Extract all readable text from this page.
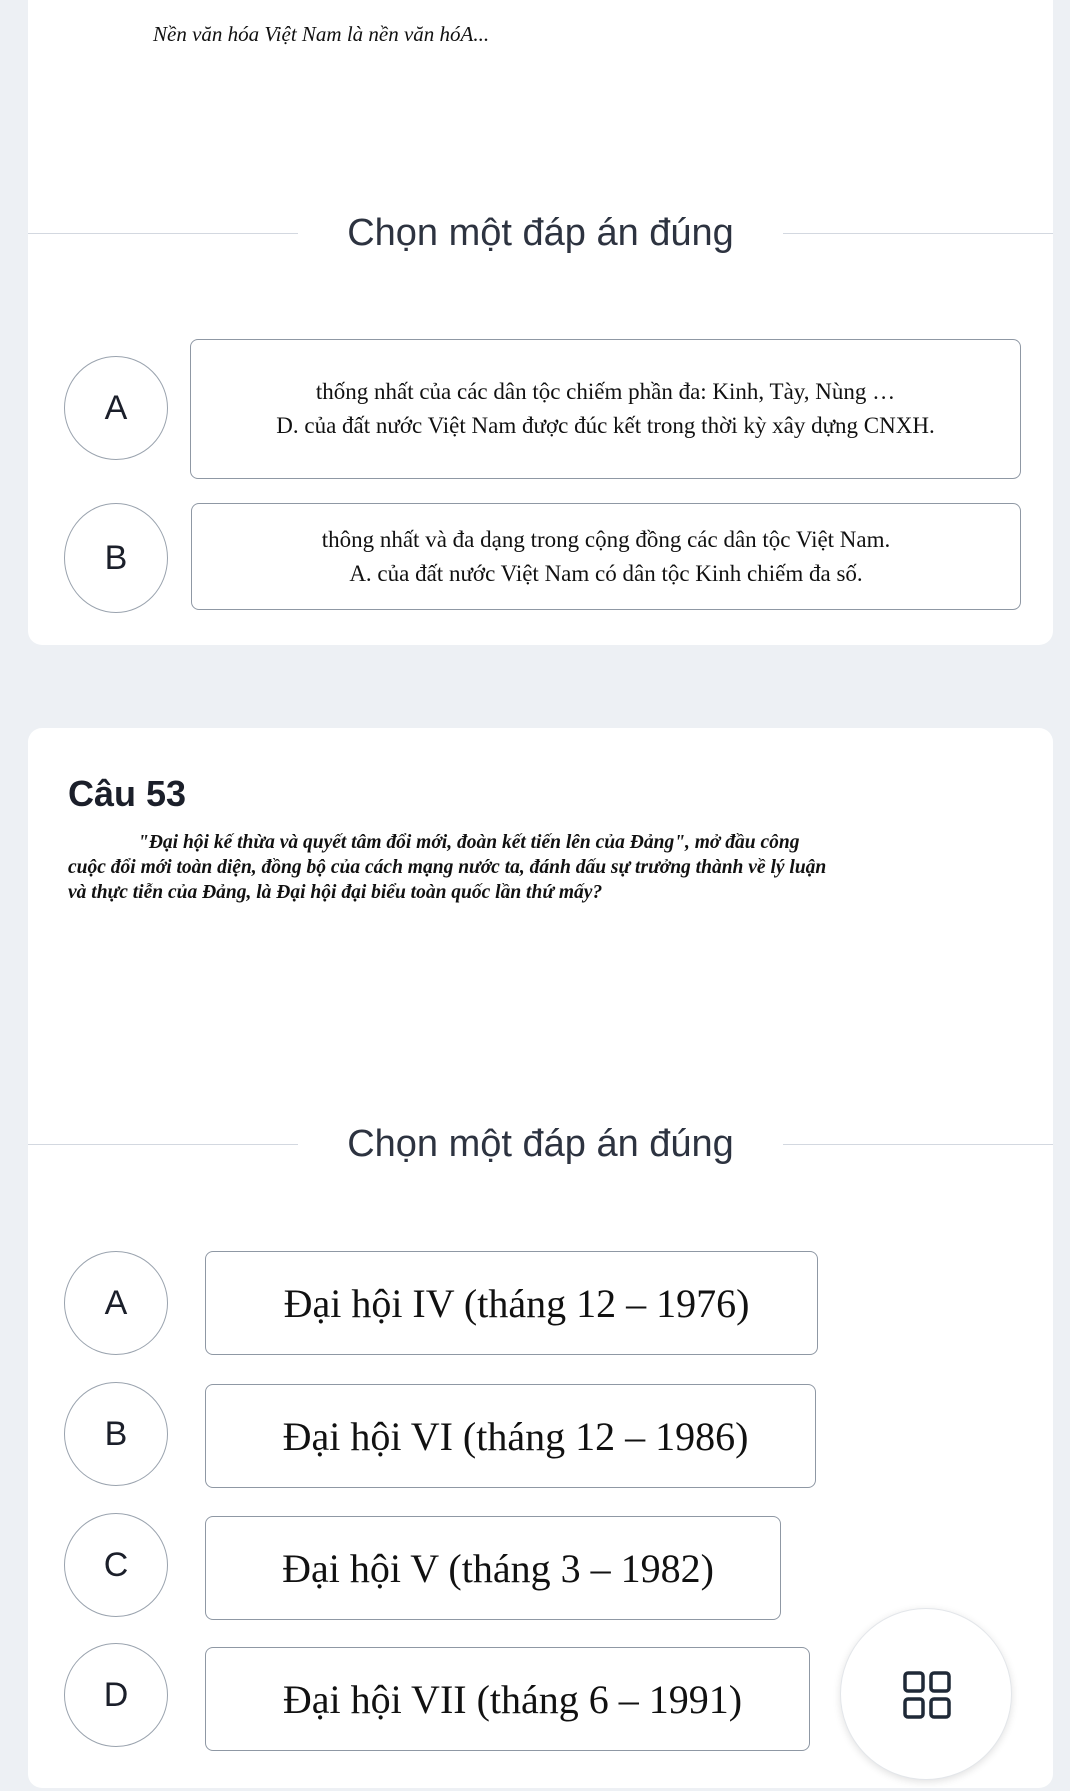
Nền văn hóa Việt Nam là nền văn hóA...
Chọn một đáp án đúng
A	thống nhất của các dân tộc chiếm phần đa: Kinh, Tày, Nùng …
D. của đất nước Việt Nam được đúc kết trong thời kỳ xây dựng CNXH.
B	thông nhất và đa dạng trong cộng đồng các dân tộc Việt Nam.
A. của đất nước Việt Nam có dân tộc Kinh chiếm đa số.
Câu 53
"Đại hội kế thừa và quyết tâm đổi mới, đoàn kết tiến lên của Đảng", mở đầu công
cuộc đổi mới toàn diện, đồng bộ của cách mạng nước ta, đánh dấu sự trưởng thành về lý luận
và thực tiễn của Đảng, là Đại hội đại biểu toàn quốc lần thứ mấy?
Chọn một đáp án đúng
A	Đại hội IV (tháng 12 – 1976)
B	Đại hội VI (tháng 12 – 1986)
C	Đại hội V (tháng 3 – 1982)
D	Đại hội VII (tháng 6 – 1991)
